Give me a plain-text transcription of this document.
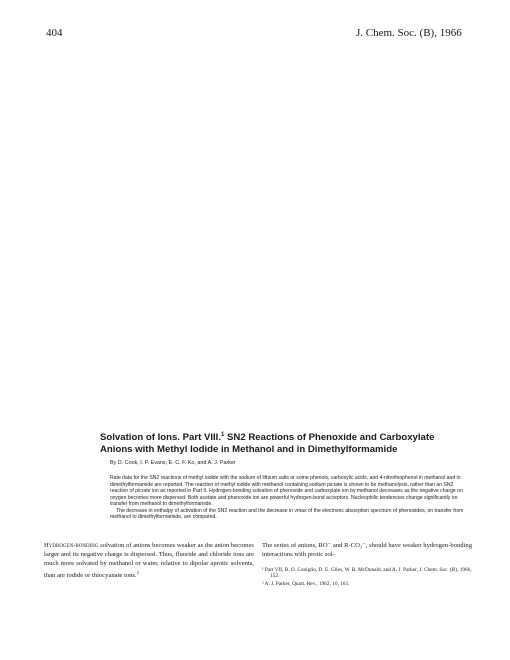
404	J. Chem. Soc. (B), 1966
Solvation of Ions. Part VIII.$^1$ SN2 Reactions of Phenoxide and Carboxylate Anions with Methyl Iodide in Methanol and in Dimethylformamide
By D. Cook, I. P. Evans, E. C. F. Ko, and A. J. Parker

Rate data for the SN2 reactions of methyl iodide with the sodium of lithium salts or some phenols, carboxylic acids, and 4-nitrothiophenol in methanol and in dimethylformamide are reported. The reaction of methyl iodide with methanol containing sodium picrate is shown to be methanolysis, rather than an SN2 reaction of picrate ion as reported in Part II. Hydrogen-bonding solvation of phenoxide and carboxylate ion by methanol decreases as the negative charge on oxygen becomes more dispersed. Both acetate and phenoxide ion are powerful hydrogen-bond acceptors. Nucleophilic tendencies change significantly on transfer from methanol to dimethylformamide.

The decrease in enthalpy of activation of the SN2 reaction and the decrease in νmax of the electronic absorption spectrum of phenoxides, on transfer from methanol to dimethylformamide, are compared.

Hydrogen-bonding solvation of anions becomes weaker as the anion becomes larger and its negative charge is dispersed. Thus, fluoride and chloride ions are much more solvated by methanol or water, relative to dipolar aprotic solvents, than are iodide or thiocyanate ions.$^2$

The series of anions, RO⁻ and R·CO₂⁻, should have weaker hydrogen-bonding interactions with protic sol-

¹ Part VII, B. O. Coniglio, D. E. Giles, W. R. McDonald, and A. J. Parker, J. Chem. Soc. (B), 1966, 152.

² A. J. Parker, Quart. Rev., 1962, 16, 163.
